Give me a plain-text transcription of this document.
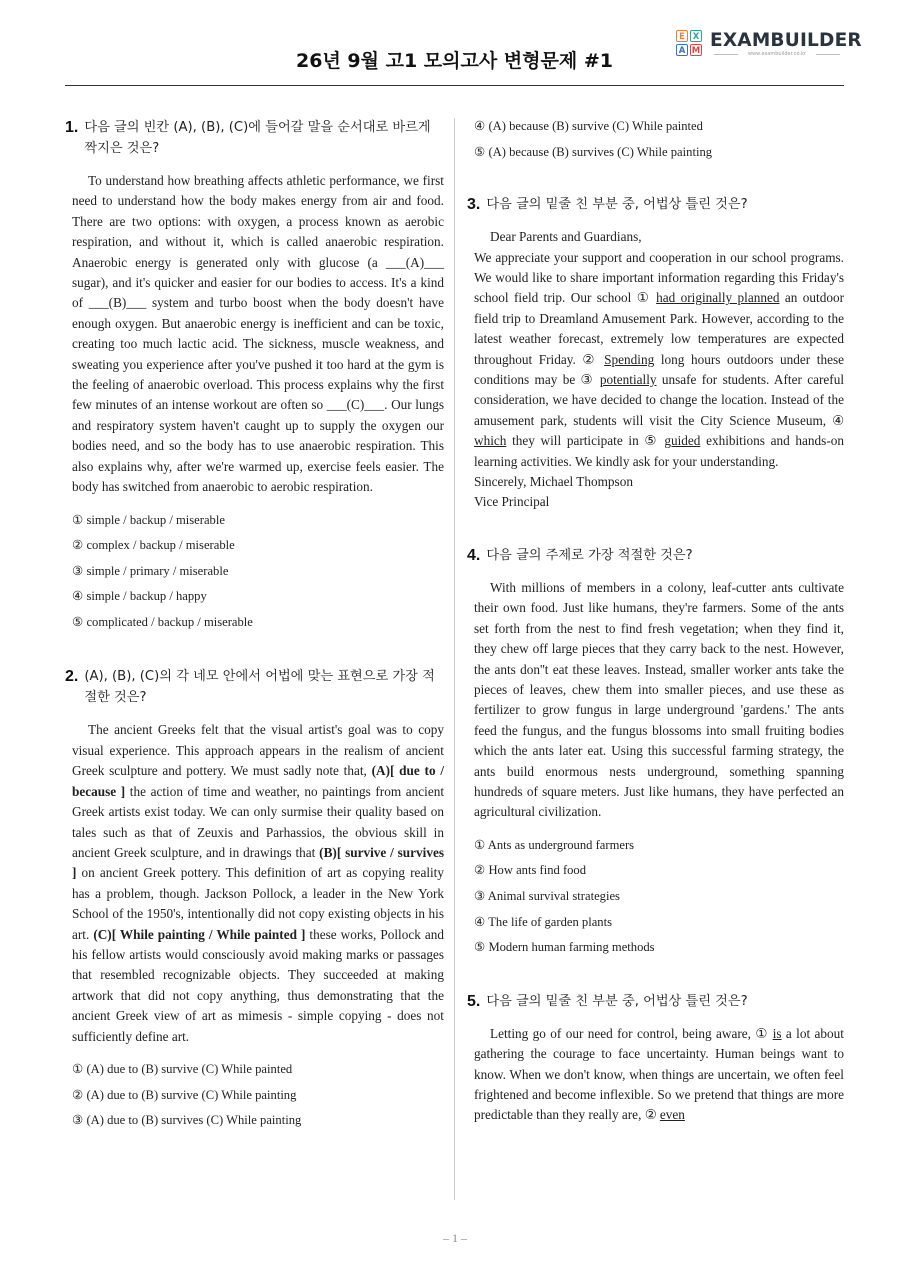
26년 9월 고1 모의고사 변형문제 #1
E X
A M EXAMBUILDER
www.exambuilder.co.kr
1. 다음 글의 빈칸 (A), (B), (C)에 들어갈 말을 순서대로 바르게 짝지은 것은?

To understand how breathing affects athletic performance, we first need to understand how the body makes energy from air and food. There are two options: with oxygen, a process known as aerobic respiration, and without it, which is called anaerobic respiration. Anaerobic energy is generated only with glucose (a ___(A)___ sugar), and it's quicker and easier for our bodies to access. It's a kind of ___(B)___ system and turbo boost when the body doesn't have enough oxygen. But anaerobic energy is inefficient and can be toxic, creating too much lactic acid. The sickness, muscle weakness, and sweating you experience after you've pushed it too hard at the gym is the feeling of anaerobic overload. This process explains why the first few minutes of an intense workout are often so ___(C)___. Our lungs and respiratory system haven't caught up to supply the oxygen our bodies need, and so the body has to use anaerobic respiration. This also explains why, after we're warmed up, exercise feels easier. The body has switched from anaerobic to aerobic respiration.

① simple / backup / miserable
② complex / backup / miserable
③ simple / primary / miserable
④ simple / backup / happy
⑤ complicated / backup / miserable
2. (A), (B), (C)의 각 네모 안에서 어법에 맞는 표현으로 가장 적절한 것은?

The ancient Greeks felt that the visual artist's goal was to copy visual experience. This approach appears in the realism of ancient Greek sculpture and pottery. We must sadly note that, (A)[ due to / because ] the action of time and weather, no paintings from ancient Greek artists exist today. We can only surmise their quality based on tales such as that of Zeuxis and Parhassios, the obvious skill in ancient Greek sculpture, and in drawings that (B)[ survive / survives ] on ancient Greek pottery. This definition of art as copying reality has a problem, though. Jackson Pollock, a leader in the New York School of the 1950's, intentionally did not copy existing objects in his art. (C)[ While painting / While painted ] these works, Pollock and his fellow artists would consciously avoid making marks or passages that resembled recognizable objects. They succeeded at making artwork that did not copy anything, thus demonstrating that the ancient Greek view of art as mimesis - simple copying - does not sufficiently define art.

① (A) due to (B) survive (C) While painted
② (A) due to (B) survive (C) While painting
③ (A) due to (B) survives (C) While painting
④ (A) because (B) survive (C) While painted
⑤ (A) because (B) survives (C) While painting
3. 다음 글의 밑줄 친 부분 중, 어법상 틀린 것은?

Dear Parents and Guardians,

We appreciate your support and cooperation in our school programs. We would like to share important information regarding this Friday's school field trip. Our school ① had originally planned an outdoor field trip to Dreamland Amusement Park. However, according to the latest weather forecast, extremely low temperatures are expected throughout Friday. ② Spending long hours outdoors under these conditions may be ③ potentially unsafe for students. After careful consideration, we have decided to change the location. Instead of the amusement park, students will visit the City Science Museum, ④ which they will participate in ⑤ guided exhibitions and hands-on learning activities. We kindly ask for your understanding.

Sincerely, Michael Thompson

Vice Principal

4. 다음 글의 주제로 가장 적절한 것은?

With millions of members in a colony, leaf-cutter ants cultivate their own food. Just like humans, they're farmers. Some of the ants set forth from the nest to find fresh vegetation; when they find it, they chew off large pieces that they carry back to the nest. However, the ants don''t eat these leaves. Instead, smaller worker ants take the pieces of leaves, chew them into smaller pieces, and use these as fertilizer to grow fungus in large underground 'gardens.' The ants feed the fungus, and the fungus blossoms into small fruiting bodies which the ants later eat. Using this successful farming strategy, the ants build enormous nests underground, something spanning hundreds of square meters. Just like humans, they have perfected an agricultural civilization.

① Ants as underground farmers
② How ants find food
③ Animal survival strategies
④ The life of garden plants
⑤ Modern human farming methods
5. 다음 글의 밑줄 친 부분 중, 어법상 틀린 것은?

Letting go of our need for control, being aware, ① is a lot about gathering the courage to face uncertainty. Human beings want to know. When we don't know, when things are uncertain, we often feel frightened and become inflexible. So we pretend that things are more predictable than they really are, ② even

– 1 –
